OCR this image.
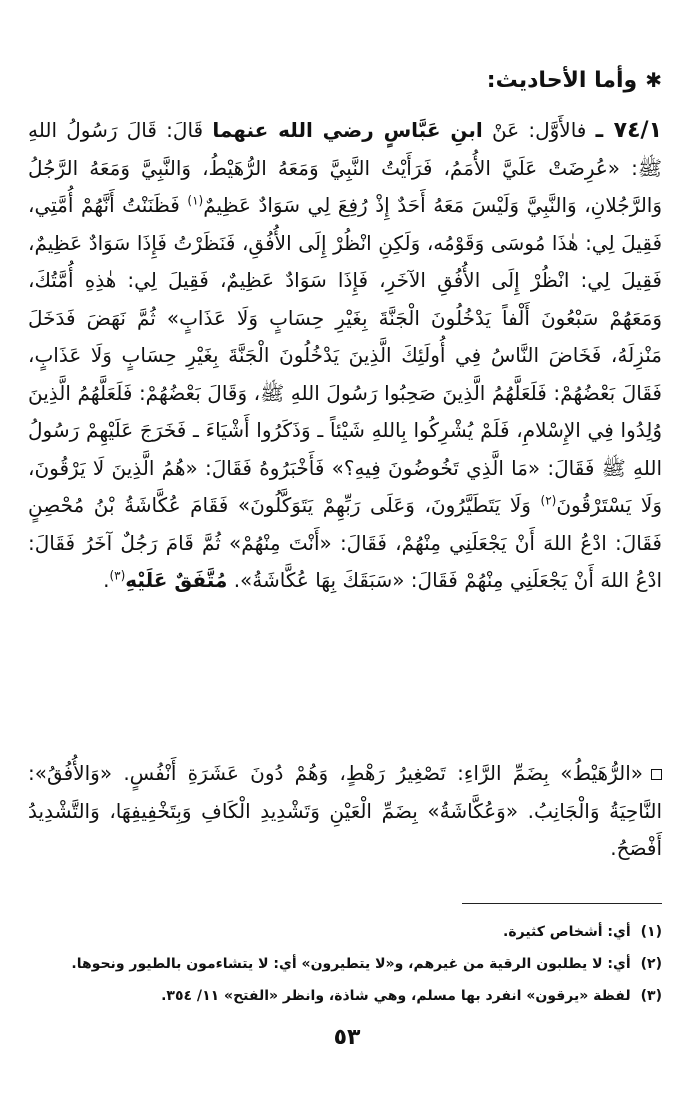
✱وأما الأحاديث:
٧٤/١ ـ فالأَوَّل: عَنْ ابنِ عَبَّاسٍ رضي الله عنهما قَالَ: قَالَ رَسُولُ اللهِ ﷺ: «عُرِضَتْ عَلَيَّ الأُمَمُ، فَرَأَيْتُ النَّبِيَّ وَمَعَهُ الرُّهَيْطُ، وَالنَّبِيَّ وَمَعَهُ الرَّجُلُ وَالرَّجُلانِ، وَالنَّبِيَّ وَلَيْسَ مَعَهُ أَحَدٌ إِذْ رُفِعَ لِي سَوَادٌ عَظِيمٌ$^{(١)}$ فَظَنَنْتُ أَنَّهُمْ أُمَّتِي، فَقِيلَ لِي: هٰذَا مُوسَى وَقَوْمُه، وَلَكِنِ انْظُرْ إِلَى الأُفُقِ، فَنَظَرْتُ فَإِذَا سَوَادٌ عَظِيمٌ، فَقِيلَ لِي: انْظُرْ إِلَى الأُفُقِ الآخَرِ، فَإِذَا سَوَادٌ عَظِيمٌ، فَقِيلَ لِي: هٰذِهِ أُمَّتُكَ، وَمَعَهُمْ سَبْعُونَ أَلْفاً يَدْخُلُونَ الْجَنَّةَ بِغَيْرِ حِسَابٍ وَلَا عَذَابٍ» ثُمَّ نَهَضَ فَدَخَلَ مَنْزِلَهُ، فَخَاضَ النَّاسُ فِي أُولَئِكَ الَّذِينَ يَدْخُلُونَ الْجَنَّةَ بِغَيْرِ حِسَابٍ وَلَا عَذَابٍ، فَقَالَ بَعْضُهُمْ: فَلَعَلَّهُمُ الَّذِينَ صَحِبُوا رَسُولَ اللهِ ﷺ، وَقَالَ بَعْضُهُمْ: فَلَعَلَّهُمُ الَّذِينَ وُلِدُوا فِي الإِسْلامِ، فَلَمْ يُشْرِكُوا بِاللهِ شَيْئاً ـ وَذَكَرُوا أَشْيَاءَ ـ فَخَرَجَ عَلَيْهِمْ رَسُولُ اللهِ ﷺ فَقَالَ: «مَا الَّذِي تَخُوضُونَ فِيهِ؟» فَأَخْبَرُوهُ فَقَالَ: «هُمُ الَّذِينَ لَا يَرْقُونَ، وَلَا يَسْتَرْقُونَ$^{(٢)}$ وَلَا يَتَطَيَّرُونَ، وَعَلَى رَبِّهِمْ يَتَوَكَّلُونَ» فَقَامَ عُكَّاشَةُ بْنُ مُحْصِنٍ فَقَالَ: ادْعُ اللهَ أَنْ يَجْعَلَنِي مِنْهُمْ، فَقَالَ: «أَنْتَ مِنْهُمْ» ثُمَّ قَامَ رَجُلٌ آخَرُ فَقَالَ: ادْعُ اللهَ أَنْ يَجْعَلَنِي مِنْهُمْ فَقَالَ: «سَبَقَكَ بِهَا عُكَّاشَةُ». مُتَّفَقٌ عَلَيْهِ$^{(٣)}$.
«الرُّهَيْطُ» بِضَمِّ الرَّاءِ: تَصْغِيرُ رَهْطٍ، وَهُمْ دُونَ عَشَرَةِ أَنْفُسٍ. «وَالأُفُقُ»: النَّاحِيَةُ وَالْجَانِبُ. «وَعُكَّاشَةُ» بِضَمِّ الْعَيْنِ وَتَشْدِيدِ الْكَافِ وَبِتَخْفِيفِهَا، وَالتَّشْدِيدُ أَفْصَحُ.
(١)أي: أشخاص كثيرة.
(٢)أي: لا يطلبون الرقية من غيرهم، و«لا يتطيرون» أي: لا يتشاءمون بالطيور ونحوها.
(٣)لفظة «يرقون» انفرد بها مسلم، وهي شاذة، وانظر «الفتح» ١١/ ٣٥٤.
٥٣
